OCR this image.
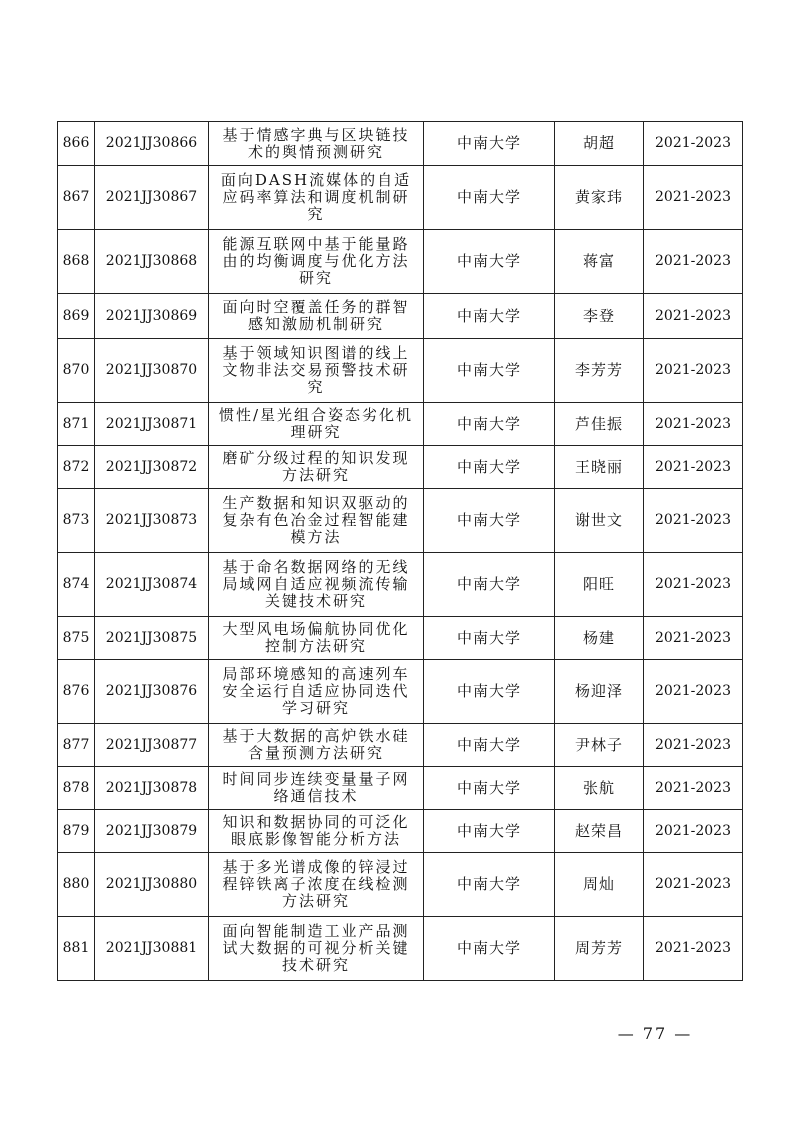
866	2021JJ30866	基于情感字典与区块链技术的舆情预测研究	中南大学	胡超	2021-2023
867	2021JJ30867	面向DASH流媒体的自适应码率算法和调度机制研究	中南大学	黄家玮	2021-2023
868	2021JJ30868	能源互联网中基于能量路由的均衡调度与优化方法研究	中南大学	蒋富	2021-2023
869	2021JJ30869	面向时空覆盖任务的群智感知激励机制研究	中南大学	李登	2021-2023
870	2021JJ30870	基于领域知识图谱的线上文物非法交易预警技术研究	中南大学	李芳芳	2021-2023
871	2021JJ30871	惯性/星光组合姿态劣化机理研究	中南大学	芦佳振	2021-2023
872	2021JJ30872	磨矿分级过程的知识发现方法研究	中南大学	王晓丽	2021-2023
873	2021JJ30873	生产数据和知识双驱动的复杂有色冶金过程智能建模方法	中南大学	谢世文	2021-2023
874	2021JJ30874	基于命名数据网络的无线局域网自适应视频流传输关键技术研究	中南大学	阳旺	2021-2023
875	2021JJ30875	大型风电场偏航协同优化控制方法研究	中南大学	杨建	2021-2023
876	2021JJ30876	局部环境感知的高速列车安全运行自适应协同迭代学习研究	中南大学	杨迎泽	2021-2023
877	2021JJ30877	基于大数据的高炉铁水硅含量预测方法研究	中南大学	尹林子	2021-2023
878	2021JJ30878	时间同步连续变量量子网络通信技术	中南大学	张航	2021-2023
879	2021JJ30879	知识和数据协同的可泛化眼底影像智能分析方法	中南大学	赵荣昌	2021-2023
880	2021JJ30880	基于多光谱成像的锌浸过程锌铁离子浓度在线检测方法研究	中南大学	周灿	2021-2023
881	2021JJ30881	面向智能制造工业产品测试大数据的可视分析关键技术研究	中南大学	周芳芳	2021-2023
— 77 —
